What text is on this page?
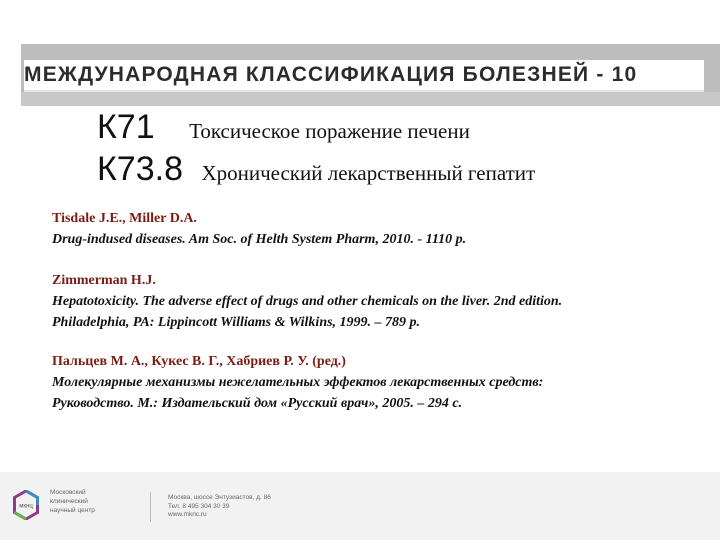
МЕЖДУНАРОДНАЯ КЛАССИФИКАЦИЯ БОЛЕЗНЕЙ - 10
К71 Токсическое поражение печени
К73.8 Хронический лекарственный гепатит
Tisdale J.E., Miller D.A.
Drug-indused diseases. Am Soc. of Helth System Pharm, 2010. - 1110 p.
Zimmerman H.J.
Hepatotoxicity. The adverse effect of drugs and other chemicals on the liver. 2nd edition.
Philadelphia, PA: Lippincott Williams & Wilkins, 1999. – 789 p.
Пальцев М. А., Кукес В. Г., Хабриев Р. У. (ред.)
Молекулярные механизмы нежелательных эффектов лекарственных средств:
Руководство. М.: Издательский дом «Русский врач», 2005. – 294 с.
мкнц
Московский
клинический
научный центр
Москва, шоссе Энтузиастов, д. 86
Тел. 8 495 304 30 39
www.mknc.ru
